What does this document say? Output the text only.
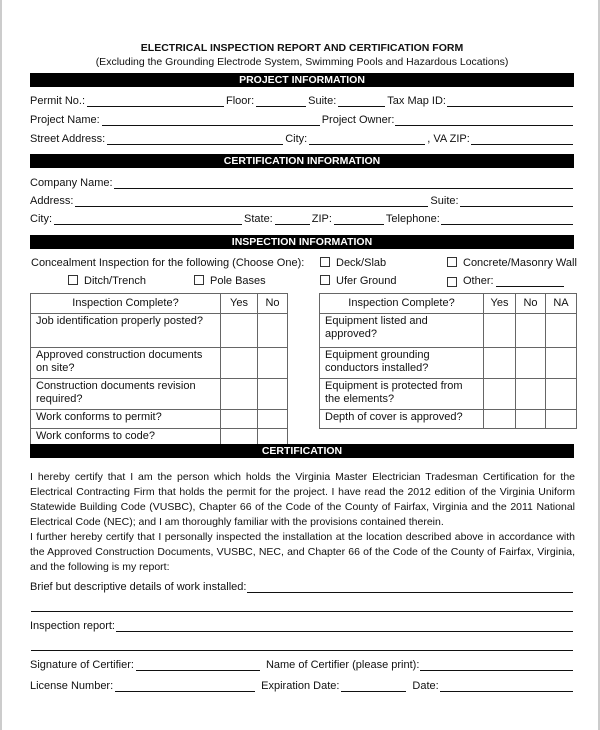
ELECTRICAL INSPECTION REPORT AND CERTIFICATION FORM
(Excluding the Grounding Electrode System, Swimming Pools and Hazardous Locations)
PROJECT INFORMATION
Permit No.:	Floor:	Suite:	Tax Map ID:
Project Name:	Project Owner:
Street Address:	City:	, VA ZIP:
CERTIFICATION INFORMATION
Company Name:
Address:	Suite:
City:	State:	ZIP:	Telephone:
INSPECTION INFORMATION
Concealment Inspection for the following (Choose One):	Deck/Slab	Concrete/Masonry Wall
Ditch/Trench	Pole Bases	Ufer Ground	Other:
Inspection Complete?	Yes	No
Job identification properly posted?		
Approved construction documents on site?		
Construction documents revision required?		
Work conforms to permit?		
Work conforms to code?		
Inspection Complete?	Yes	No	NA
Equipment listed and approved?			
Equipment grounding conductors installed?			
Equipment is protected from the elements?			
Depth of cover is approved?			
CERTIFICATION
I hereby certify that I am the person which holds the Virginia Master Electrician Tradesman Certification for the Electrical Contracting Firm that holds the permit for the project. I have read the 2012 edition of the Virginia Uniform Statewide Building Code (VUSBC), Chapter 66 of the Code of the County of Fairfax, Virginia and the 2011 National Electrical Code (NEC); and I am thoroughly familiar with the provisions contained therein.
I further hereby certify that I personally inspected the installation at the location described above in accordance with the Approved Construction Documents, VUSBC, NEC, and Chapter 66 of the Code of the County of Fairfax, Virginia, and the following is my report:
Brief but descriptive details of work installed:
Inspection report:
Signature of Certifier:	Name of Certifier (please print):
License Number:	Expiration Date:	Date:
